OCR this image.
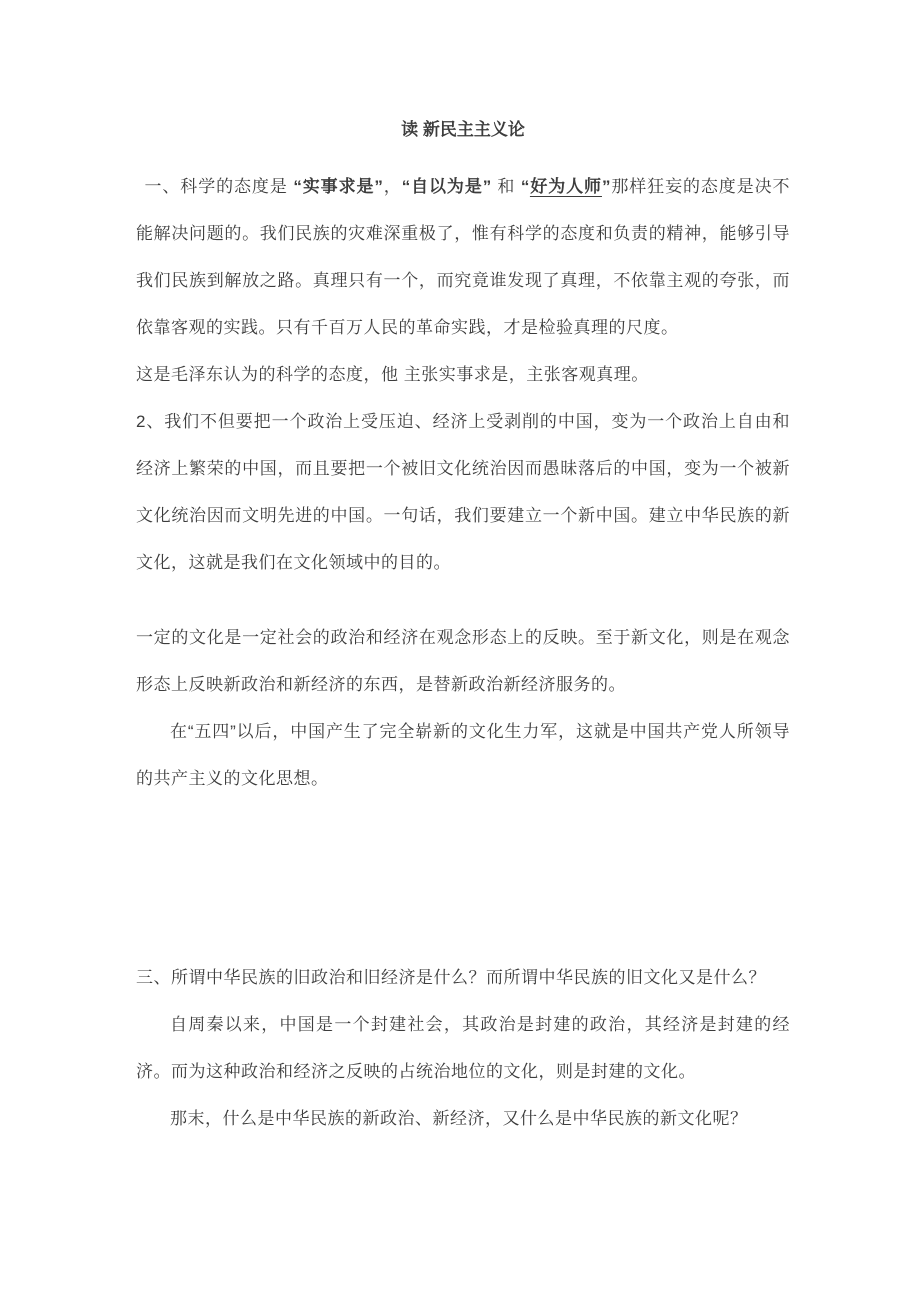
读 新民主主义论

一、科学的态度是 “实事求是”，“自以为是” 和 “好为人师”那样狂妄的态度是决不能解决问题的。我们民族的灾难深重极了，惟有科学的态度和负责的精神，能够引导我们民族到解放之路。真理只有一个，而究竟谁发现了真理，不依靠主观的夸张，而依靠客观的实践。只有千百万人民的革命实践，才是检验真理的尺度。

这是毛泽东认为的科学的态度，他 主张实事求是，主张客观真理。

2、我们不但要把一个政治上受压迫、经济上受剥削的中国，变为一个政治上自由和经济上繁荣的中国，而且要把一个被旧文化统治因而愚昧落后的中国，变为一个被新文化统治因而文明先进的中国。一句话，我们要建立一个新中国。建立中华民族的新文化，这就是我们在文化领域中的目的。

一定的文化是一定社会的政治和经济在观念形态上的反映。至于新文化，则是在观念形态上反映新政治和新经济的东西，是替新政治新经济服务的。

在“五四”以后，中国产生了完全崭新的文化生力军，这就是中国共产党人所领导的共产主义的文化思想。

三、所谓中华民族的旧政治和旧经济是什么？而所谓中华民族的旧文化又是什么？

自周秦以来，中国是一个封建社会，其政治是封建的政治，其经济是封建的经济。而为这种政治和经济之反映的占统治地位的文化，则是封建的文化。

那末，什么是中华民族的新政治、新经济，又什么是中华民族的新文化呢？
